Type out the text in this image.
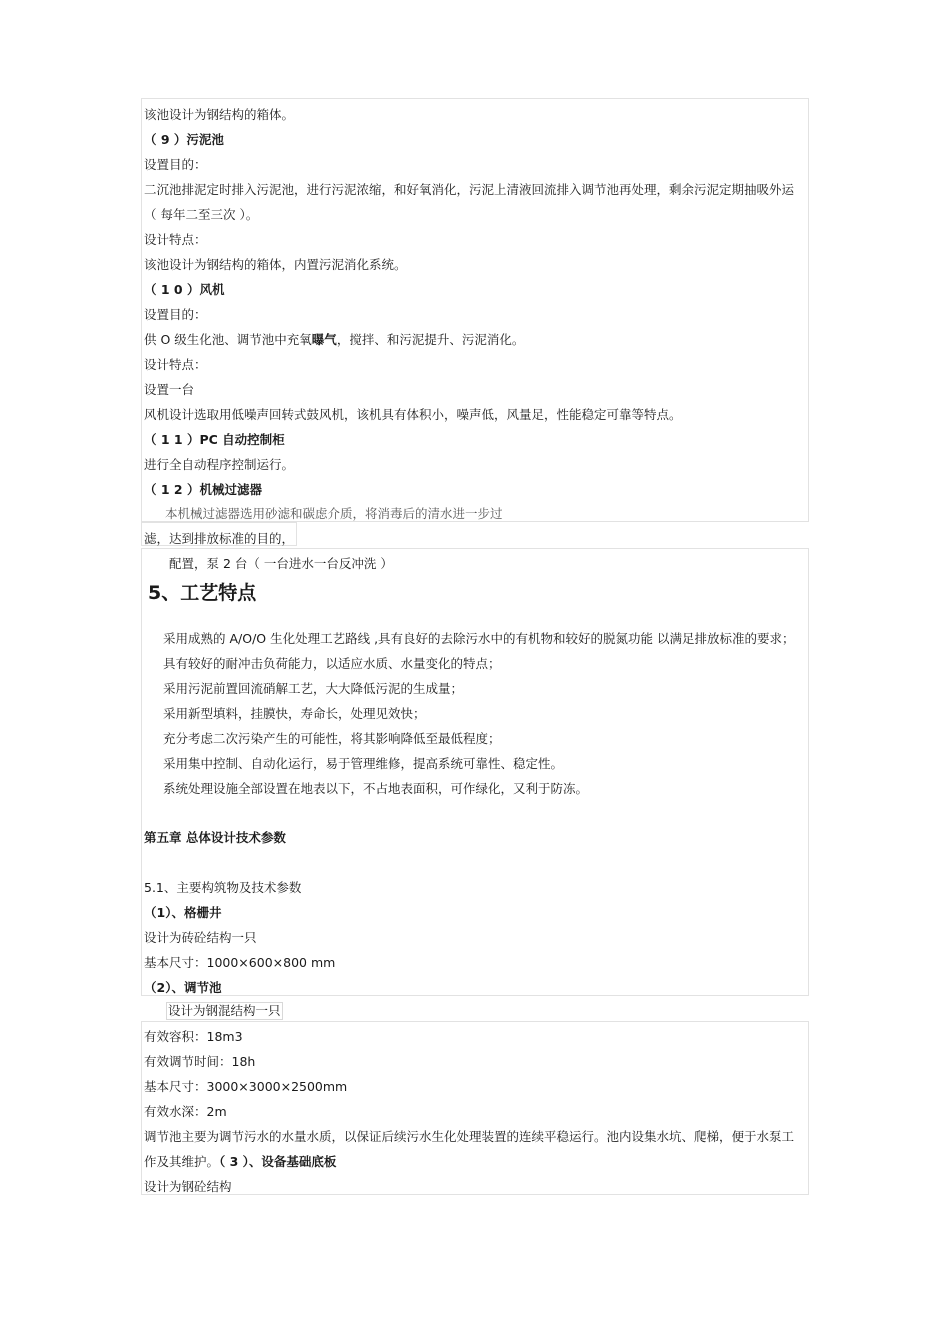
该池设计为钢结构的箱体。
（ 9 ）污泥池
设置目的：
二沉池排泥定时排入污泥池，进行污泥浓缩，和好氧消化，污泥上清液回流排入调节池再处理，剩余污泥定期抽吸外运
（ 每年二至三次 ）。
设计特点：
该池设计为钢结构的箱体，内置污泥消化系统。
（ 1 0 ）风机
设置目的：
供 O 级生化池、调节池中充氧曝气，搅拌、和污泥提升、污泥消化。
设计特点：
设置一台
风机设计选取用低噪声回转式鼓风机，该机具有体积小，噪声低，风量足，性能稳定可靠等特点。
（ 1 1 ）PC 自动控制柜
进行全自动程序控制运行。
（ 1 2 ）机械过滤器
本机械过滤器选用砂滤和碳虑介质，将消毒后的清水进一步过
滤，达到排放标准的目的，
配置，泵 2 台（ 一台进水一台反冲洗 ）
5、工艺特点
采用成熟的 A/O/O 生化处理工艺路线 ,具有良好的去除污水中的有机物和较好的脱氮功能 以满足排放标准的要求；
具有较好的耐冲击负荷能力，以适应水质、水量变化的特点；
采用污泥前置回流硝解工艺，大大降低污泥的生成量；
采用新型填料，挂膜快，寿命长，处理见效快；
充分考虑二次污染产生的可能性，将其影响降低至最低程度；
采用集中控制、自动化运行，易于管理维修，提高系统可靠性、稳定性。
系统处理设施全部设置在地表以下，不占地表面积，可作绿化，又利于防冻。
第五章 总体设计技术参数
5.1、主要构筑物及技术参数
（1）、格栅井
设计为砖砼结构一只
基本尺寸：1000×600×800 mm
（2）、调节池
设计为钢混结构一只
有效容积：18m3
有效调节时间：18h
基本尺寸：3000×3000×2500mm
有效水深：2m
调节池主要为调节污水的水量水质，以保证后续污水生化处理装置的连续平稳运行。池内设集水坑、爬梯，便于水泵工
作及其维护。（ 3 ）、设备基础底板
设计为钢砼结构
